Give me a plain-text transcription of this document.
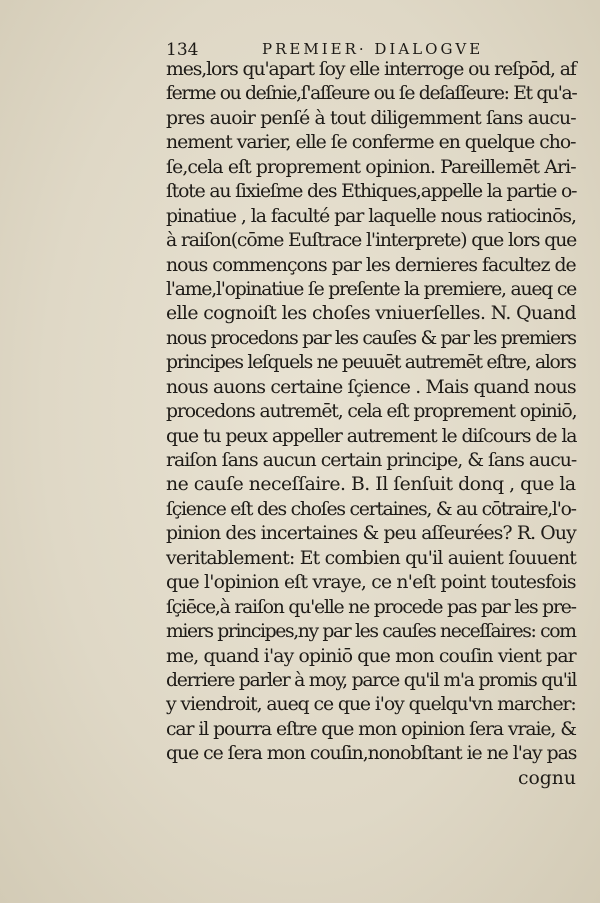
134	PREMIER· DIALOGVE
mes,lors qu'apart ſoy elle interroge ou reſpōd, af
ferme ou deſnie,ſ'aſſeure ou ſe deſaſſeure: Et qu'a-
pres auoir penſé à tout diligemment ſans aucu-
nement varier, elle ſe conferme en quelque cho-
ſe,cela eſt proprement opinion. Pareillemēt Ari-
ſtote au ſixieſme des Ethiques,appelle la partie o-
pinatiue , la faculté par laquelle nous ratiocinōs,
à raiſon(cōme Euſtrace l'interprete) que lors que
nous commençons par les dernieres facultez de
l'ame,l'opinatiue ſe preſente la premiere, aueq ce
elle cognoiſt les choſes vniuerſelles. N. Quand
nous procedons par les cauſes & par les premiers
principes leſquels ne peuuēt autremēt eſtre, alors
nous auons certaine ſçience . Mais quand nous
procedons autremēt, cela eſt proprement opiniō,
que tu peux appeller autrement le diſcours de la
raiſon ſans aucun certain principe, & ſans aucu-
ne cauſe neceſſaire. B. Il ſenſuit donq , que la
ſçience eſt des choſes certaines, & au cōtraire,l'o-
pinion des incertaines & peu aſſeurées? R. Ouy
veritablement: Et combien qu'il auient ſouuent
que l'opinion eſt vraye, ce n'eſt point toutesfois
ſçiēce,à raiſon qu'elle ne procede pas par les pre-
miers principes,ny par les cauſes neceſſaires: com
me, quand i'ay opiniō que mon couſin vient par
derriere parler à moy, parce qu'il m'a promis qu'il
y viendroit, aueq ce que i'oy quelqu'vn marcher:
car il pourra eſtre que mon opinion ſera vraie, &
que ce ſera mon couſin,nonobſtant ie ne l'ay pas
cognu
